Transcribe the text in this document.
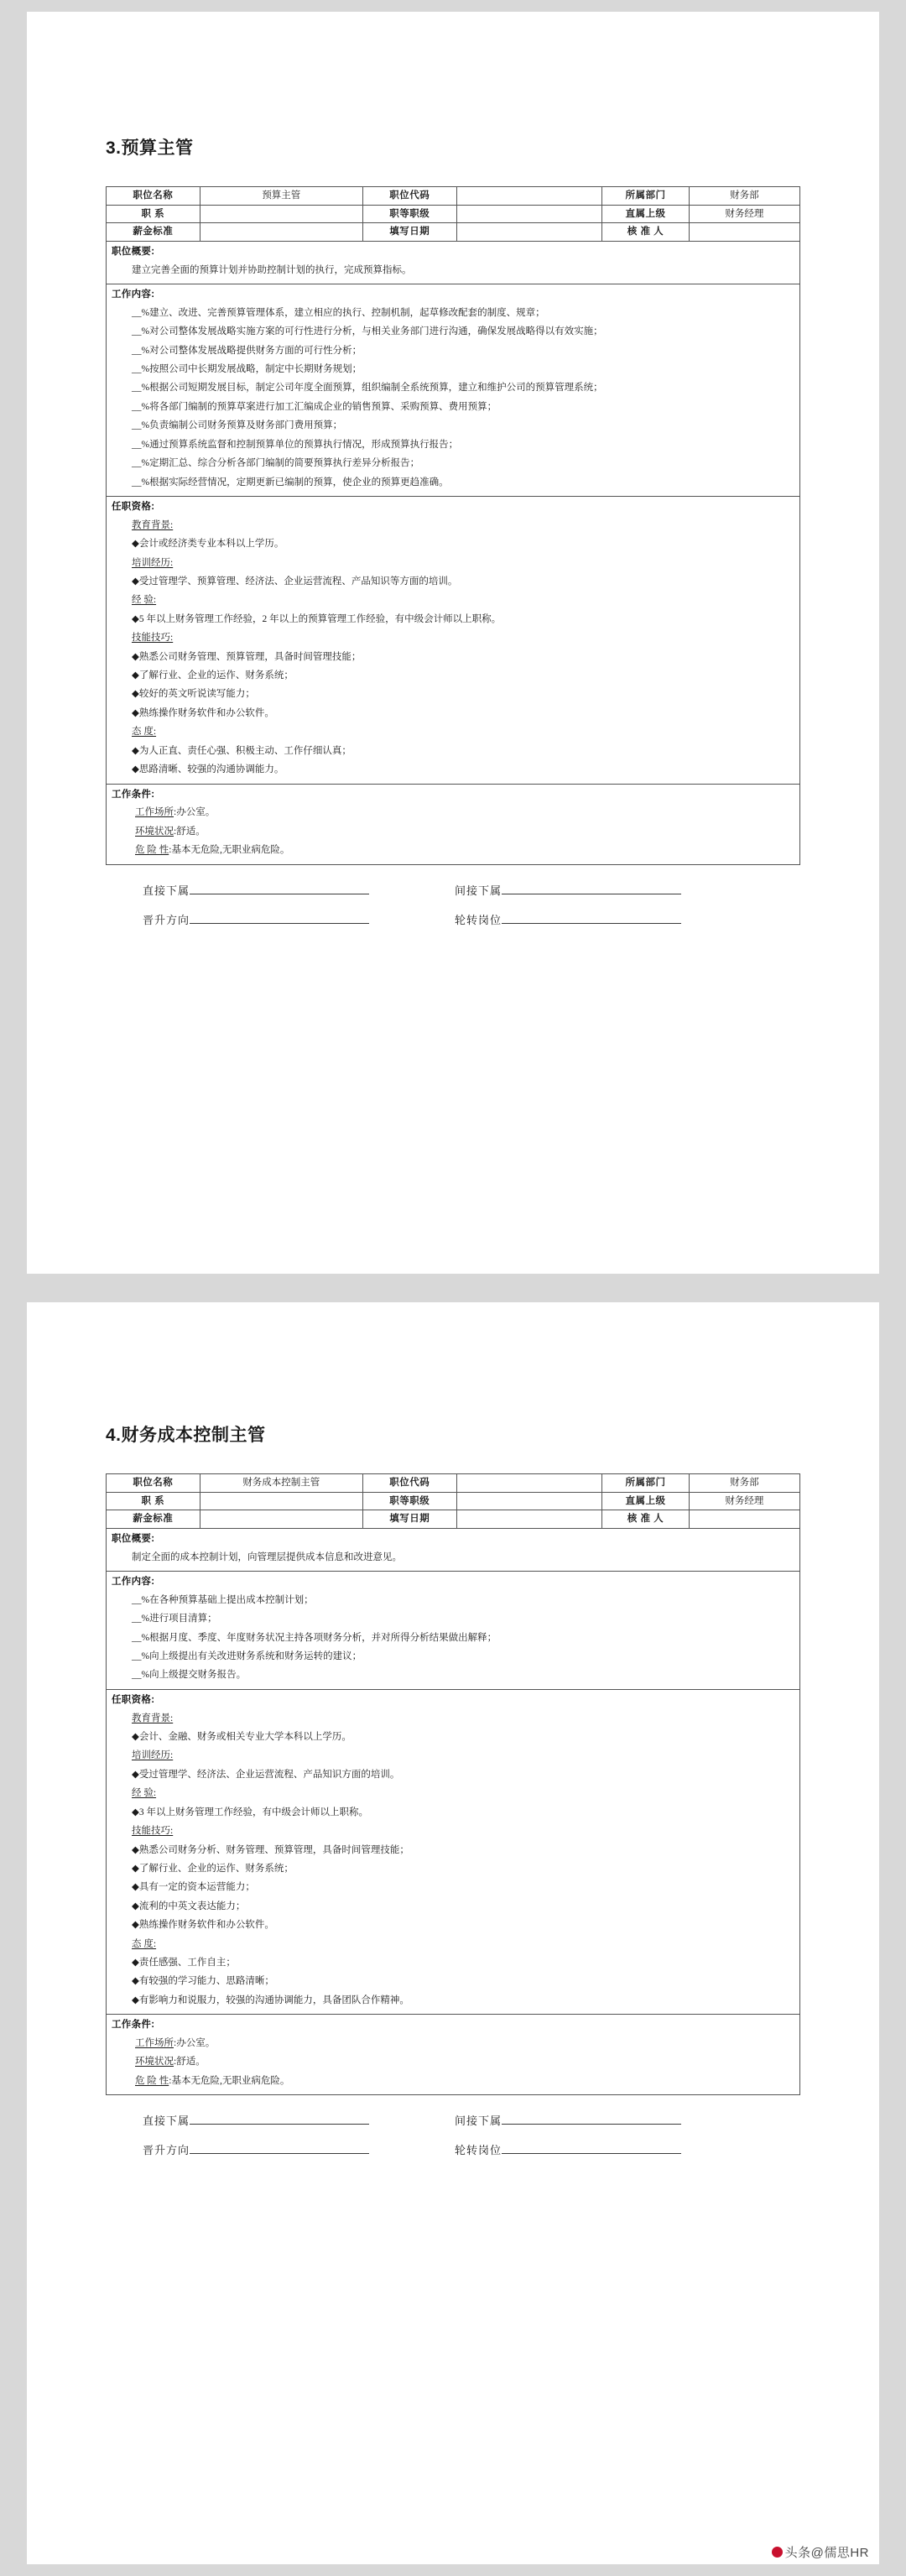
3.预算主管
职位名称	预算主管	职位代码		所属部门	财务部
职 系		职等职级		直属上级	财务经理
薪金标准		填写日期		核 准 人	

职位概要:

建立完善全面的预算计划并协助控制计划的执行，完成预算指标。					

工作内容:
__%建立、改进、完善预算管理体系，建立相应的执行、控制机制，起草修改配套的制度、规章；
__%对公司整体发展战略实施方案的可行性进行分析，与相关业务部门进行沟通，确保发展战略得以有效实施；
__%对公司整体发展战略提供财务方面的可行性分析；
__%按照公司中长期发展战略，制定中长期财务规划；
__%根据公司短期发展目标，制定公司年度全面预算，组织编制全系统预算，建立和维护公司的预算管理系统；
__%将各部门编制的预算草案进行加工汇编成企业的销售预算、采购预算、费用预算；
__%负责编制公司财务预算及财务部门费用预算；
__%通过预算系统监督和控制预算单位的预算执行情况，形成预算执行报告；
__%定期汇总、综合分析各部门编制的简要预算执行差异分析报告；
__%根据实际经营情况，定期更新已编制的预算，使企业的预算更趋准确。

任职资格:
教育背景:
◆会计或经济类专业本科以上学历。
培训经历:
◆受过管理学、预算管理、经济法、企业运营流程、产品知识等方面的培训。
经 验:
◆5 年以上财务管理工作经验，2 年以上的预算管理工作经验，有中级会计师以上职称。
技能技巧:
◆熟悉公司财务管理、预算管理，具备时间管理技能；
◆了解行业、企业的运作、财务系统；
◆较好的英文听说读写能力；
◆熟练操作财务软件和办公软件。
态 度:
◆为人正直、责任心强、积极主动、工作仔细认真；
◆思路清晰、较强的沟通协调能力。

工作条件:
工作场所:办公室。
环境状况:舒适。
危 险 性:基本无危险,无职业病危险。					
直接下属	间接下属
晋升方向	轮转岗位
4.财务成本控制主管
职位名称	财务成本控制主管	职位代码		所属部门	财务部
职 系		职等职级		直属上级	财务经理
薪金标准		填写日期		核 准 人	

职位概要:

制定全面的成本控制计划，向管理层提供成本信息和改进意见。					

工作内容:
__%在各种预算基础上提出成本控制计划；
__%进行项目清算；
__%根据月度、季度、年度财务状况主持各项财务分析，并对所得分析结果做出解释；
__%向上级提出有关改进财务系统和财务运转的建议；
__%向上级提交财务报告。

任职资格:
教育背景:
◆会计、金融、财务或相关专业大学本科以上学历。
培训经历:
◆受过管理学、经济法、企业运营流程、产品知识方面的培训。
经 验:
◆3 年以上财务管理工作经验，有中级会计师以上职称。
技能技巧:
◆熟悉公司财务分析、财务管理、预算管理，具备时间管理技能；
◆了解行业、企业的运作、财务系统；
◆具有一定的资本运营能力；
◆流利的中英文表达能力；
◆熟练操作财务软件和办公软件。
态 度:
◆责任感强、工作自主；
◆有较强的学习能力、思路清晰；
◆有影响力和说服力，较强的沟通协调能力，具备团队合作精神。

工作条件:
工作场所:办公室。
环境状况:舒适。
危 险 性:基本无危险,无职业病危险。					
直接下属	间接下属
晋升方向	轮转岗位
头条@儒思HR
